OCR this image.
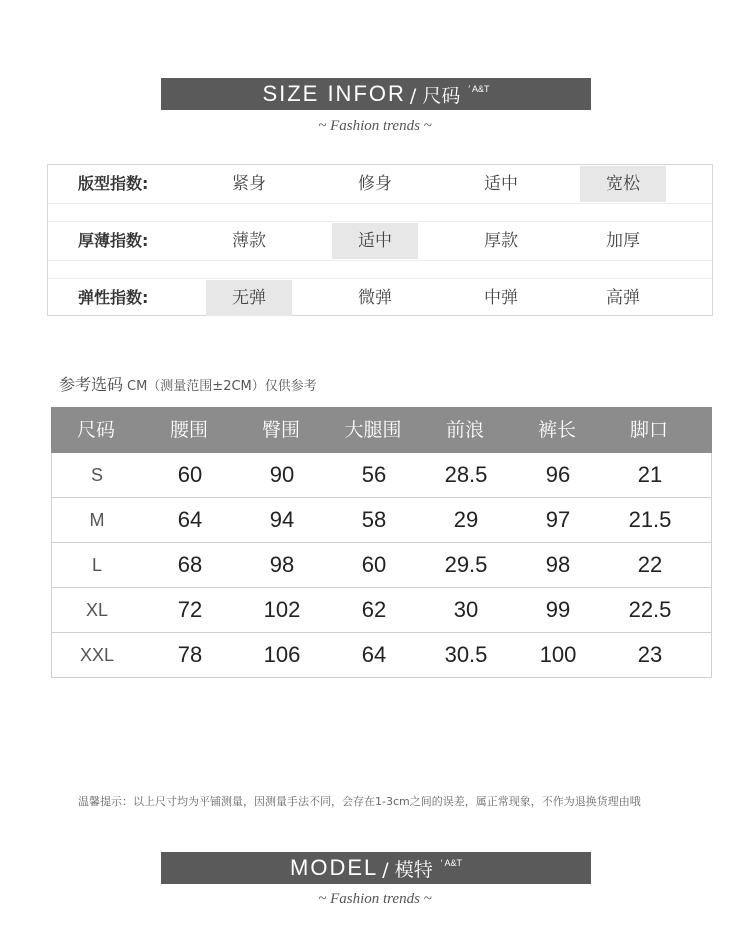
SIZE INFOR / 尺码 ′ A&T
~ Fashion trends ~
版型指数:	紧身	修身	适中	宽松
厚薄指数:	薄款	适中	厚款	加厚
弹性指数:	无弹	微弹	中弹	高弹
参考选码 CM（测量范围±2CM）仅供参考
尺码	腰围	臀围	大腿围	前浪	裤长	脚口
S	60	90	56	28.5	96	21
M	64	94	58	29	97	21.5
L	68	98	60	29.5	98	22
XL	72	102	62	30	99	22.5
XXL	78	106	64	30.5	100	23
温馨提示：以上尺寸均为平铺测量，因测量手法不同，会存在1-3cm之间的误差，属正常现象，不作为退换货理由哦
MODEL / 模特 ′ A&T
~ Fashion trends ~
